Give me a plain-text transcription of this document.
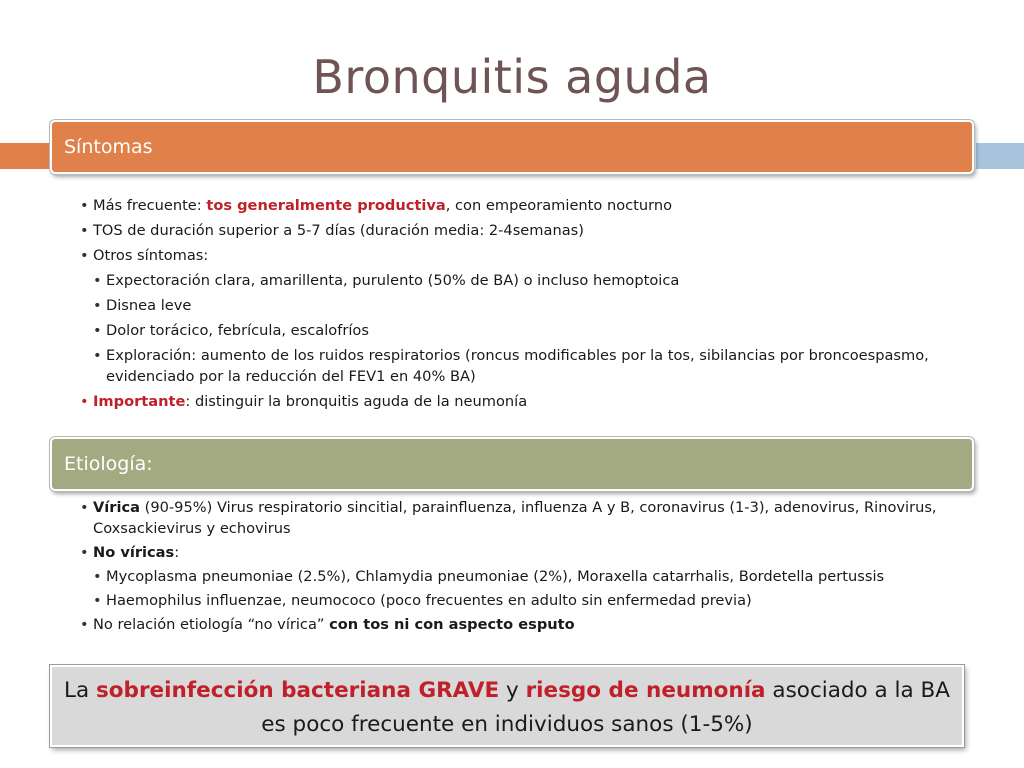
Bronquitis aguda
Síntomas
• Más frecuente: tos generalmente productiva, con empeoramiento nocturno
• TOS de duración superior a 5-7 días (duración media: 2-4semanas)
• Otros síntomas:
• Expectoración clara, amarillenta, purulento (50% de BA) o incluso hemoptoica
• Disnea leve
• Dolor torácico, febrícula, escalofríos
• Exploración: aumento de los ruidos respiratorios (roncus modificables por la tos, sibilancias por broncoespasmo, evidenciado por la reducción del FEV1 en 40% BA)
• Importante: distinguir la bronquitis aguda de la neumonía
Etiología:
• Vírica (90-95%) Virus respiratorio sincitial, parainfluenza, influenza A y B, coronavirus (1-3), adenovirus, Rinovirus, Coxsackievirus y echovirus
• No víricas:
• Mycoplasma pneumoniae (2.5%), Chlamydia pneumoniae (2%), Moraxella catarrhalis, Bordetella pertussis
• Haemophilus influenzae, neumococo (poco frecuentes en adulto sin enfermedad previa)
• No relación etiología “no vírica” con tos ni con aspecto esputo
La sobreinfección bacteriana GRAVE y riesgo de neumonía asociado a la BA es poco frecuente en individuos sanos (1-5%)
